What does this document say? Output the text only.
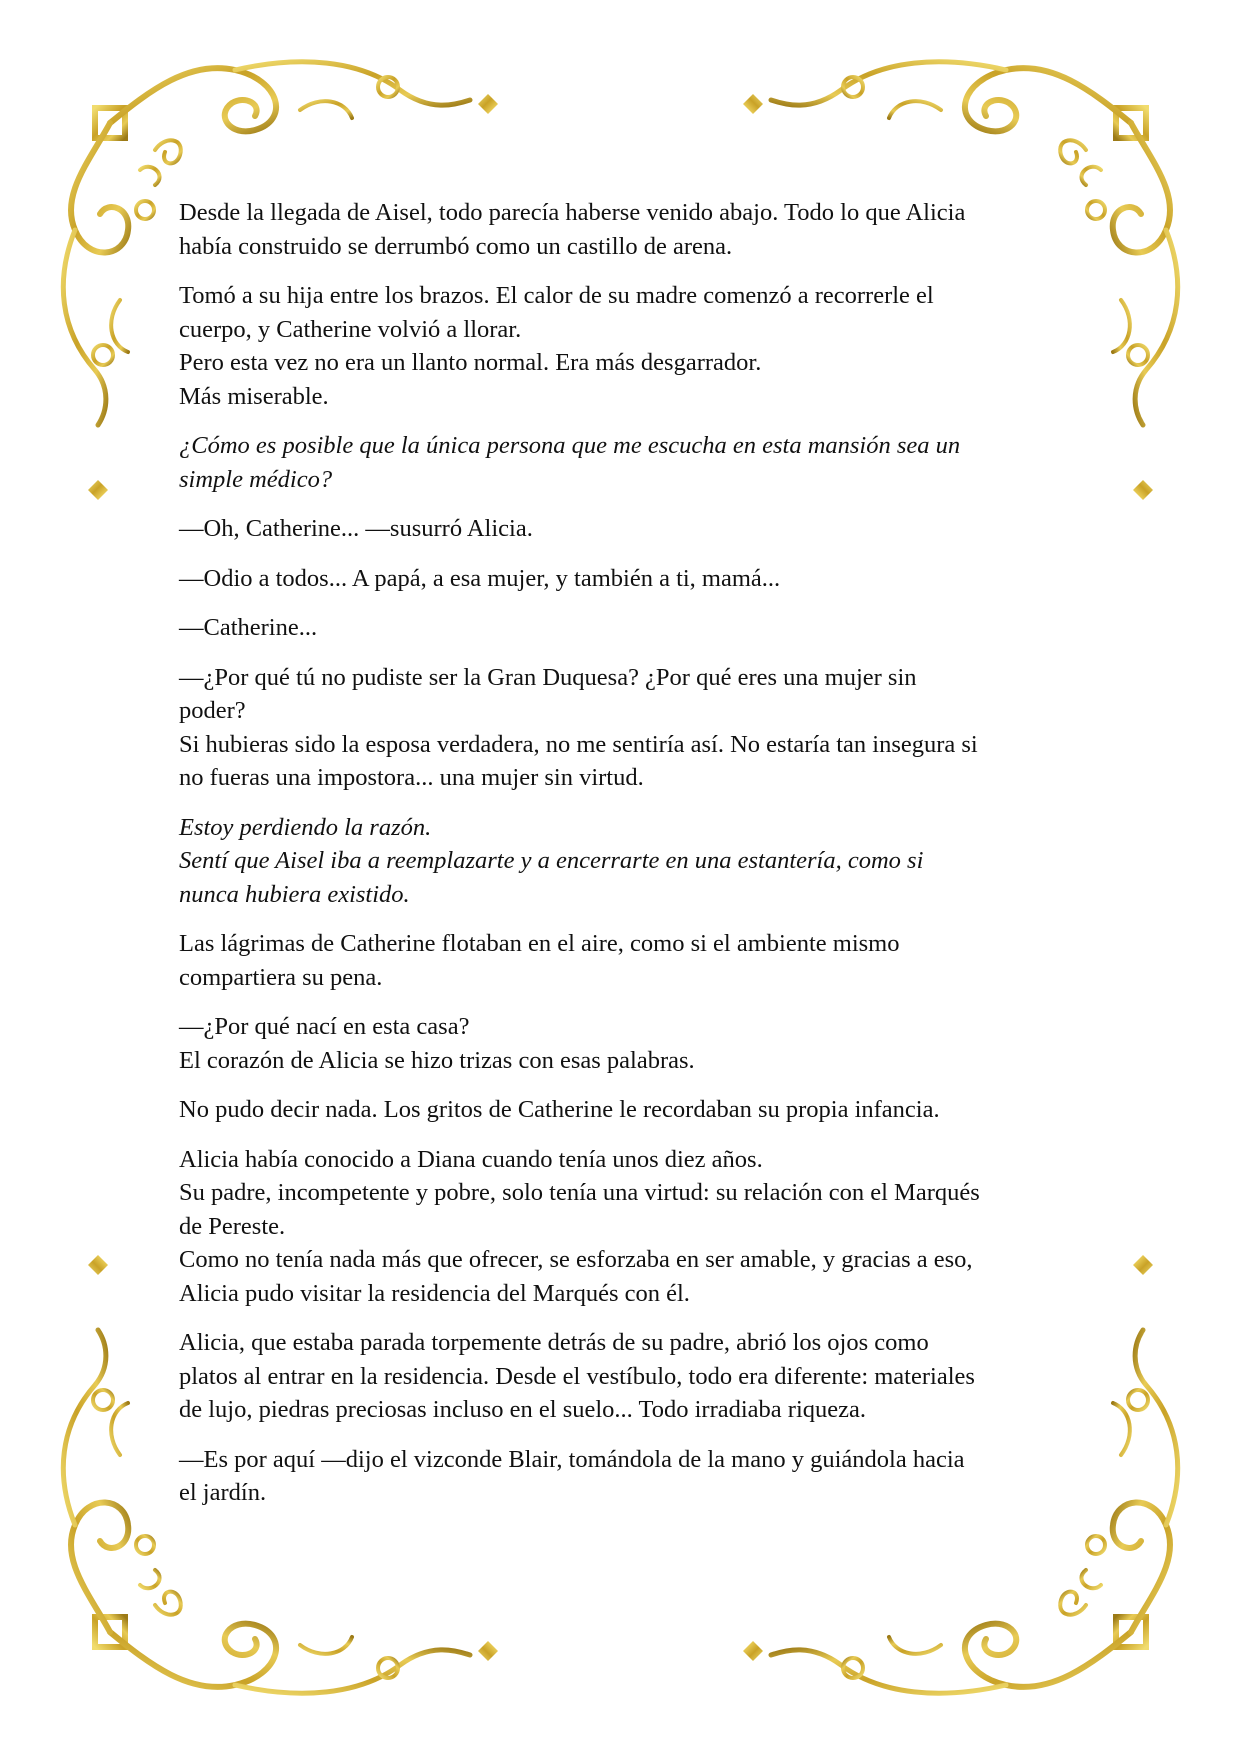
Desde la llegada de Aisel, todo parecía haberse venido abajo. Todo lo que Alicia
había construido se derrumbó como un castillo de arena.

Tomó a su hija entre los brazos. El calor de su madre comenzó a recorrerle el
cuerpo, y Catherine volvió a llorar.
Pero esta vez no era un llanto normal. Era más desgarrador.
Más miserable.

¿Cómo es posible que la única persona que me escucha en esta mansión sea un
simple médico?

—Oh, Catherine... —susurró Alicia.

—Odio a todos... A papá, a esa mujer, y también a ti, mamá...

—Catherine...

—¿Por qué tú no pudiste ser la Gran Duquesa? ¿Por qué eres una mujer sin
poder?
Si hubieras sido la esposa verdadera, no me sentiría así. No estaría tan insegura si
no fueras una impostora... una mujer sin virtud.

Estoy perdiendo la razón.
Sentí que Aisel iba a reemplazarte y a encerrarte en una estantería, como si
nunca hubiera existido.

Las lágrimas de Catherine flotaban en el aire, como si el ambiente mismo
compartiera su pena.

—¿Por qué nací en esta casa?
El corazón de Alicia se hizo trizas con esas palabras.

No pudo decir nada. Los gritos de Catherine le recordaban su propia infancia.

Alicia había conocido a Diana cuando tenía unos diez años.
Su padre, incompetente y pobre, solo tenía una virtud: su relación con el Marqués
de Pereste.
Como no tenía nada más que ofrecer, se esforzaba en ser amable, y gracias a eso,
Alicia pudo visitar la residencia del Marqués con él.

Alicia, que estaba parada torpemente detrás de su padre, abrió los ojos como
platos al entrar en la residencia. Desde el vestíbulo, todo era diferente: materiales
de lujo, piedras preciosas incluso en el suelo... Todo irradiaba riqueza.

—Es por aquí —dijo el vizconde Blair, tomándola de la mano y guiándola hacia
el jardín.
